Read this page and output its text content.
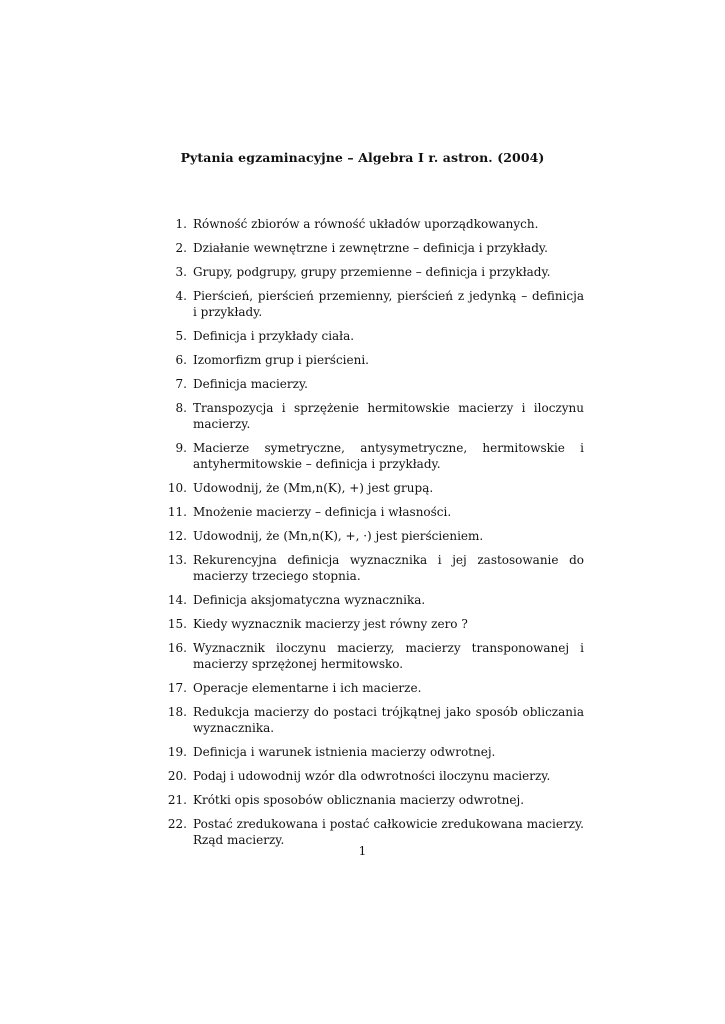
Pytania egzaminacyjne – Algebra I r. astron. (2004)
1. Równość zbiorów a równość układów uporządkowanych.
2. Działanie wewnętrzne i zewnętrzne – definicja i przykłady.
3. Grupy, podgrupy, grupy przemienne – definicja i przykłady.
4. Pierścień, pierścień przemienny, pierścień z jedynką – definicja i przykłady.
5. Definicja i przykłady ciała.
6. Izomorfizm grup i pierścieni.
7. Definicja macierzy.
8. Transpozycja i sprzężenie hermitowskie macierzy i iloczynu macierzy.
9. Macierze symetryczne, antysymetryczne, hermitowskie i antyhermitowskie – definicja i przykłady.
10. Udowodnij, że (Mm,n(K), +) jest grupą.
11. Mnożenie macierzy – definicja i własności.
12. Udowodnij, że (Mn,n(K), +, ·) jest pierścieniem.
13. Rekurencyjna definicja wyznacznika i jej zastosowanie do macierzy trzeciego stopnia.
14. Definicja aksjomatyczna wyznacznika.
15. Kiedy wyznacznik macierzy jest równy zero ?
16. Wyznacznik iloczynu macierzy, macierzy transponowanej i macierzy sprzężonej hermitowsko.
17. Operacje elementarne i ich macierze.
18. Redukcja macierzy do postaci trójkątnej jako sposób obliczania wyznacznika.
19. Definicja i warunek istnienia macierzy odwrotnej.
20. Podaj i udowodnij wzór dla odwrotności iloczynu macierzy.
21. Krótki opis sposobów oblicznania macierzy odwrotnej.
22. Postać zredukowana i postać całkowicie zredukowana macierzy. Rząd macierzy.
1
